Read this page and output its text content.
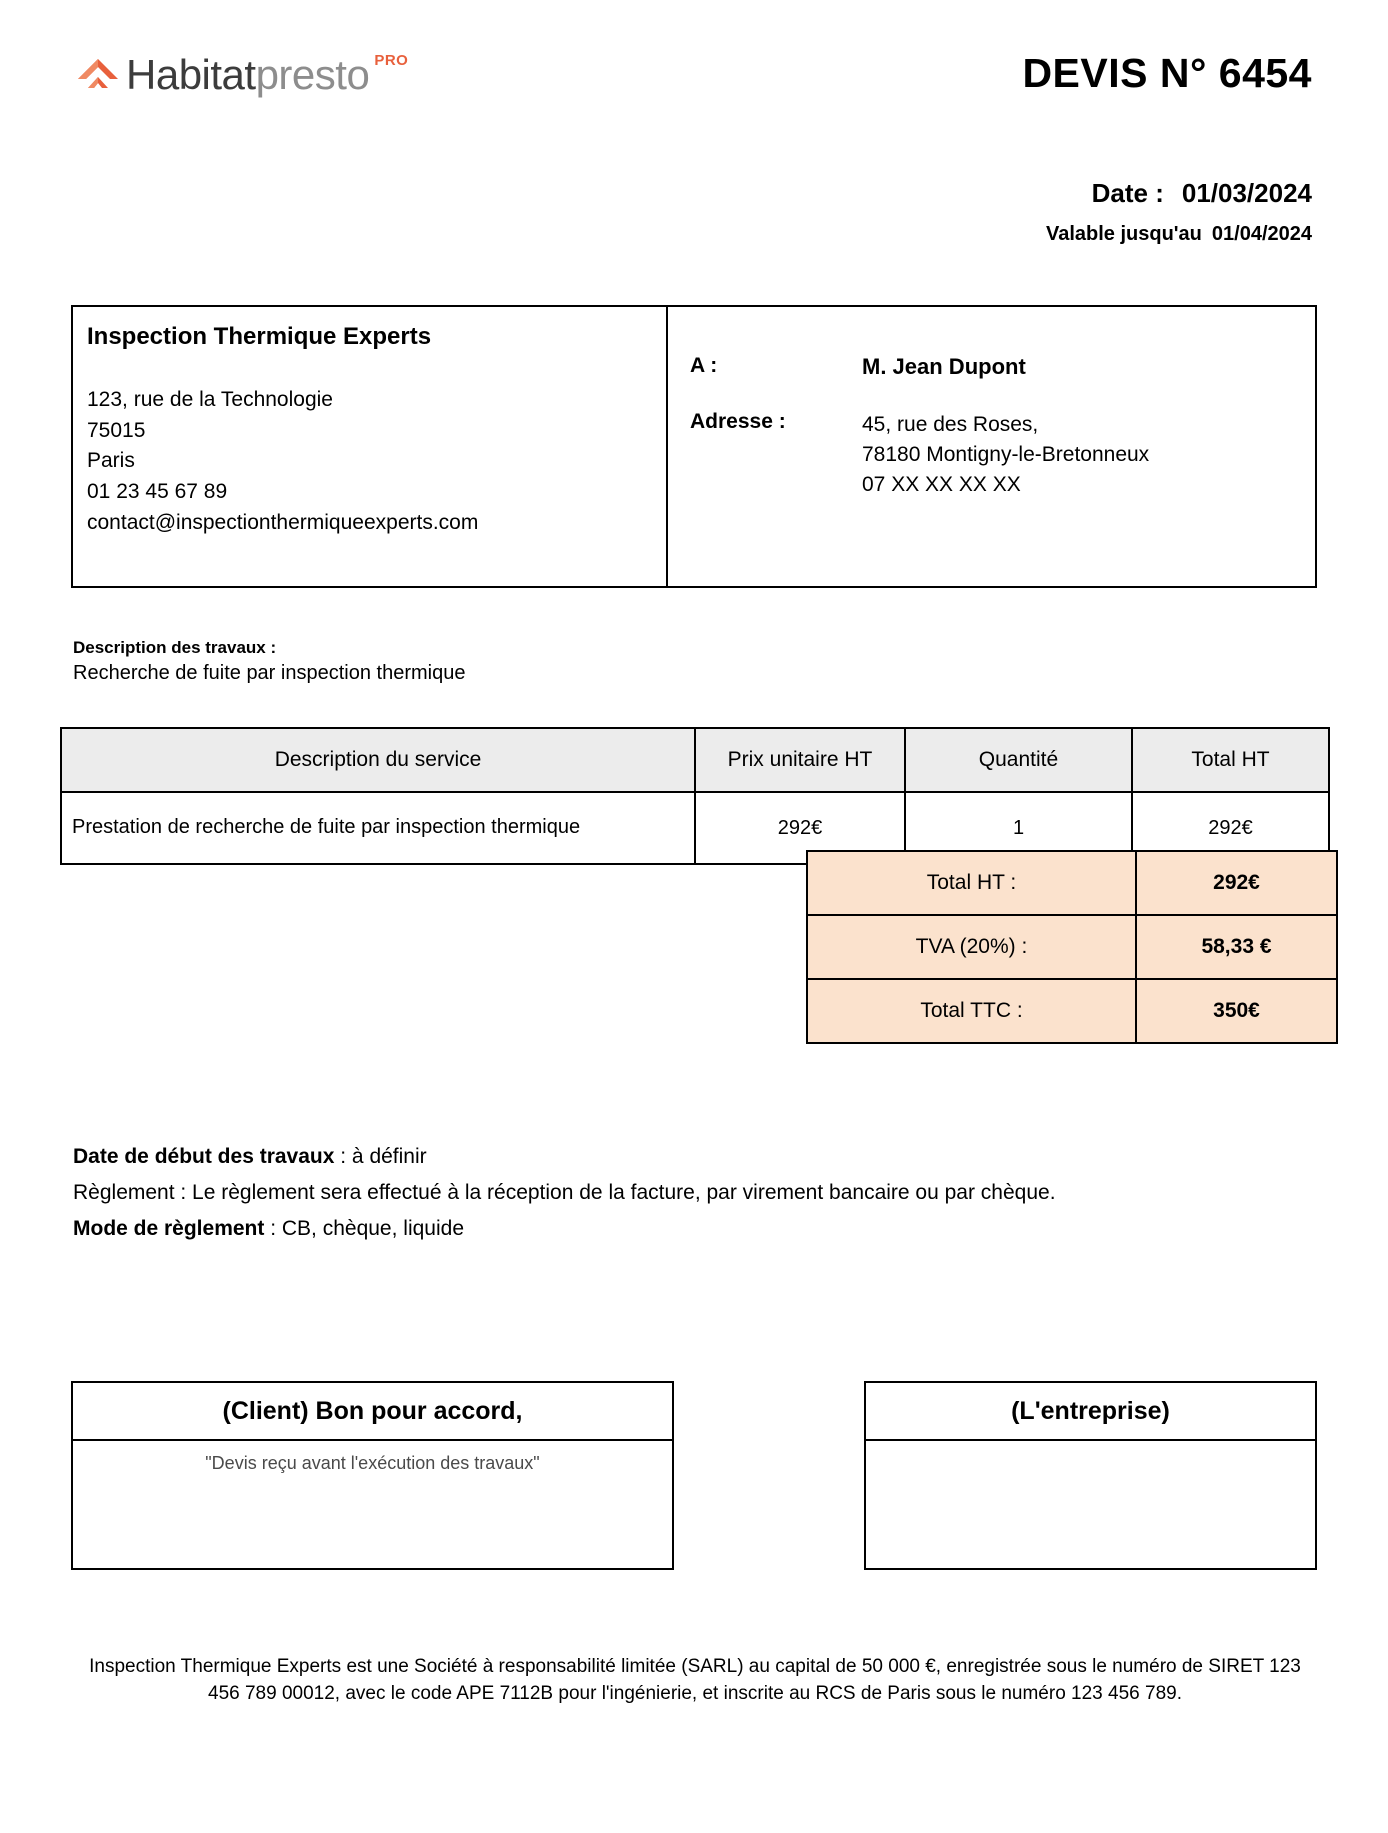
Habitatpresto PRO	DEVIS N° 6454
Date : 01/03/2024
Valable jusqu'au 01/04/2024
Inspection Thermique Experts
123, rue de la Technologie
75015
Paris
01 23 45 67 89
contact@inspectionthermiqueexperts.com
A :	M. Jean Dupont
Adresse :	45, rue des Roses,
78180 Montigny-le-Bretonneux
07 XX XX XX XX
Description des travaux :
Recherche de fuite par inspection thermique
Description du service	Prix unitaire HT	Quantité	Total HT
Prestation de recherche de fuite par inspection thermique	292€	1	292€
Total HT :	292€
TVA (20%) :	58,33 €
Total TTC :	350€

Date de début des travaux : à définir

Règlement : Le règlement sera effectué à la réception de la facture, par virement bancaire ou par chèque.

Mode de règlement : CB, chèque, liquide

(Client) Bon pour accord,
"Devis reçu avant l'exécution des travaux"
(L'entreprise)
Inspection Thermique Experts est une Société à responsabilité limitée (SARL) au capital de 50 000 €, enregistrée sous le numéro de SIRET 123 456 789 00012, avec le code APE 7112B pour l'ingénierie, et inscrite au RCS de Paris sous le numéro 123 456 789.
